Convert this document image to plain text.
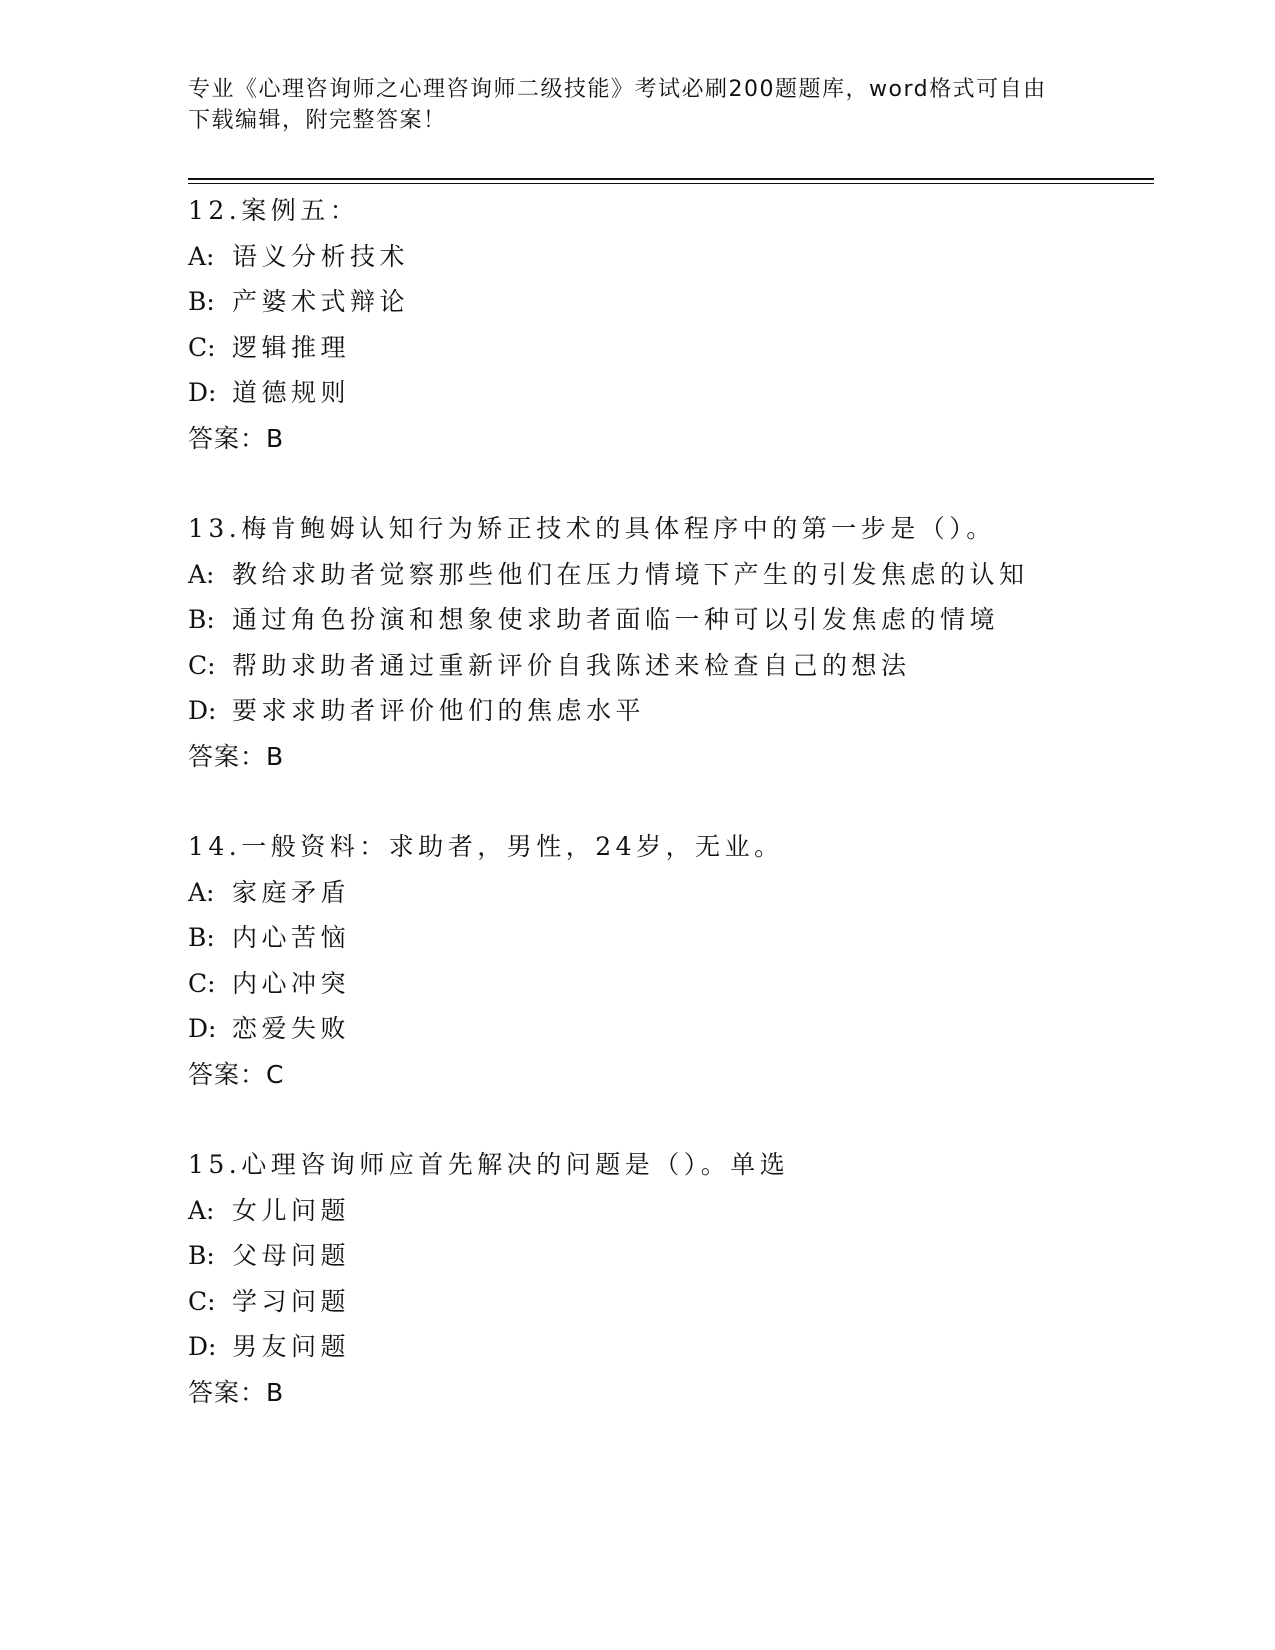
专业《心理咨询师之心理咨询师二级技能》考试必刷200题题库，word格式可自由下载编辑，附完整答案！
12.案例五：
A: 语义分析技术
B: 产婆术式辩论
C: 逻辑推理
D: 道德规则
答案：B
13.梅肯鲍姆认知行为矫正技术的具体程序中的第一步是（）。
A: 教给求助者觉察那些他们在压力情境下产生的引发焦虑的认知
B: 通过角色扮演和想象使求助者面临一种可以引发焦虑的情境
C: 帮助求助者通过重新评价自我陈述来检查自己的想法
D: 要求求助者评价他们的焦虑水平
答案：B
14.一般资料：求助者，男性，24岁，无业。
A: 家庭矛盾
B: 内心苦恼
C: 内心冲突
D: 恋爱失败
答案：C
15.心理咨询师应首先解决的问题是（）。单选
A: 女儿问题
B: 父母问题
C: 学习问题
D: 男友问题
答案：B
